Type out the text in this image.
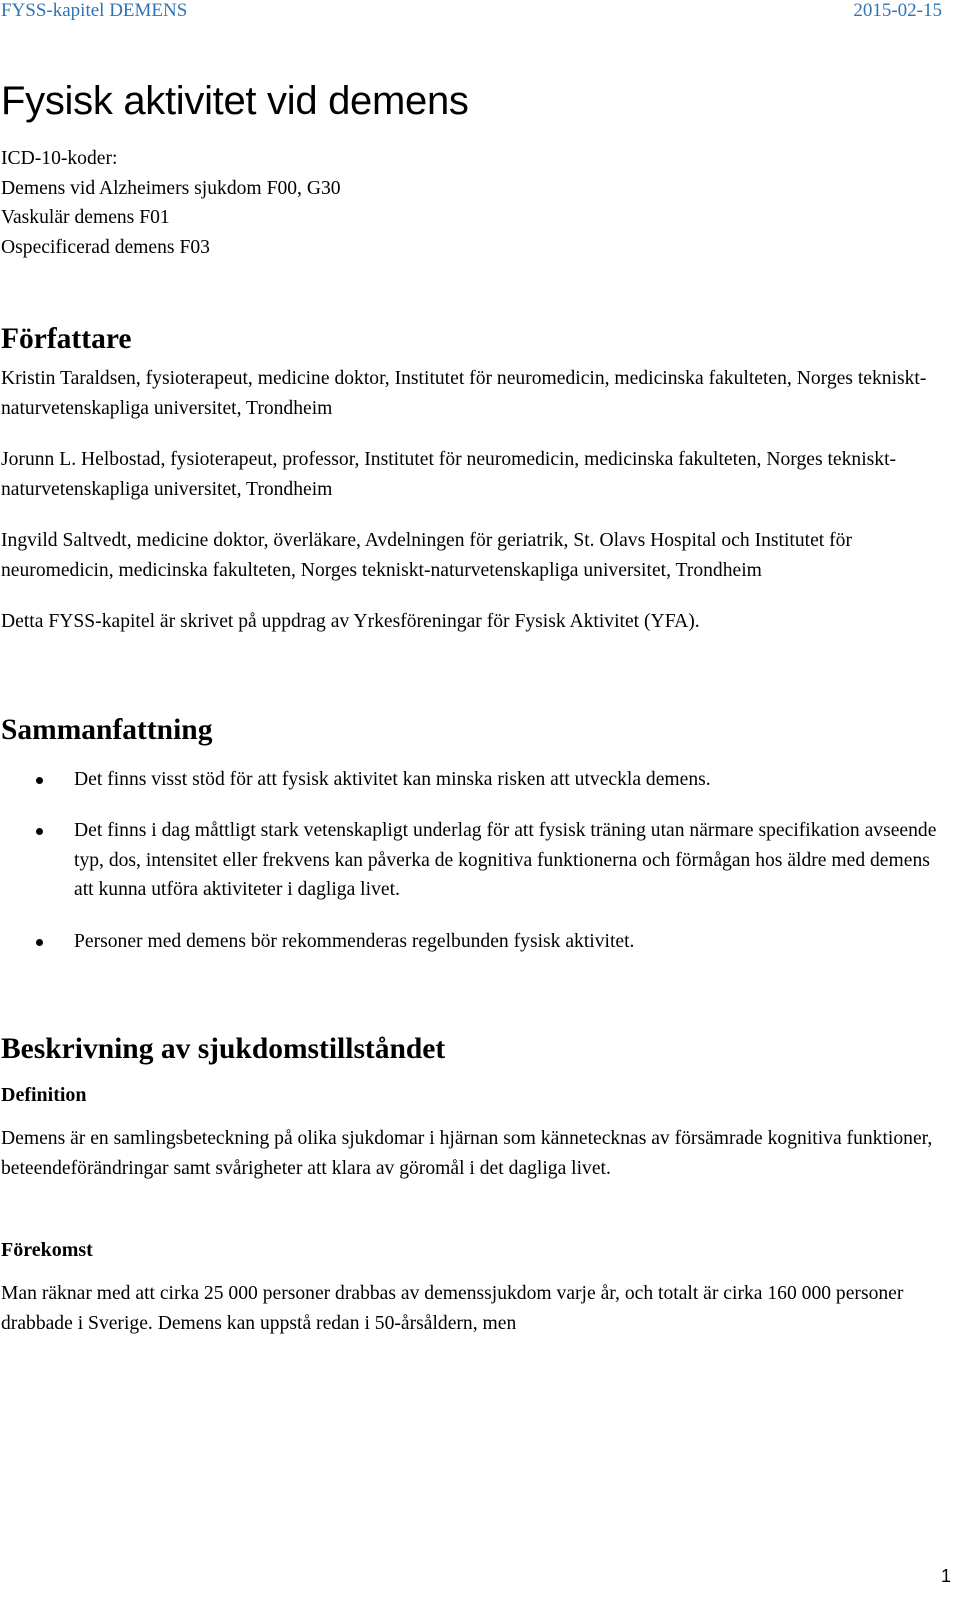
FYSS-kapitel DEMENS	2015-02-15
Fysisk aktivitet vid demens

ICD-10-koder:

Demens vid Alzheimers sjukdom F00, G30

Vaskulär demens F01

Ospecificerad demens F03

Författare

Kristin Taraldsen, fysioterapeut, medicine doktor, Institutet för neuromedicin, medicinska fakulteten, Norges tekniskt-naturvetenskapliga universitet, Trondheim

Jorunn L. Helbostad, fysioterapeut, professor, Institutet för neuromedicin, medicinska fakulteten, Norges tekniskt-naturvetenskapliga universitet, Trondheim

Ingvild Saltvedt, medicine doktor, överläkare, Avdelningen för geriatrik, St. Olavs Hospital och Institutet för neuromedicin, medicinska fakulteten, Norges tekniskt-naturvetenskapliga universitet, Trondheim

Detta FYSS-kapitel är skrivet på uppdrag av Yrkesföreningar för Fysisk Aktivitet (YFA).

Sammanfattning
Det finns visst stöd för att fysisk aktivitet kan minska risken att utveckla demens.
Det finns i dag måttligt stark vetenskapligt underlag för att fysisk träning utan närmare specifikation avseende typ, dos, intensitet eller frekvens kan påverka de kognitiva funktionerna och förmågan hos äldre med demens att kunna utföra aktiviteter i dagliga livet.
Personer med demens bör rekommenderas regelbunden fysisk aktivitet.
Beskrivning av sjukdomstillståndet
Definition

Demens är en samlingsbeteckning på olika sjukdomar i hjärnan som kännetecknas av försämrade kognitiva funktioner, beteendeförändringar samt svårigheter att klara av göromål i det dagliga livet.

Förekomst

Man räknar med att cirka 25 000 personer drabbas av demenssjukdom varje år, och totalt är cirka 160 000 personer drabbade i Sverige. Demens kan uppstå redan i 50-årsåldern, men

1
